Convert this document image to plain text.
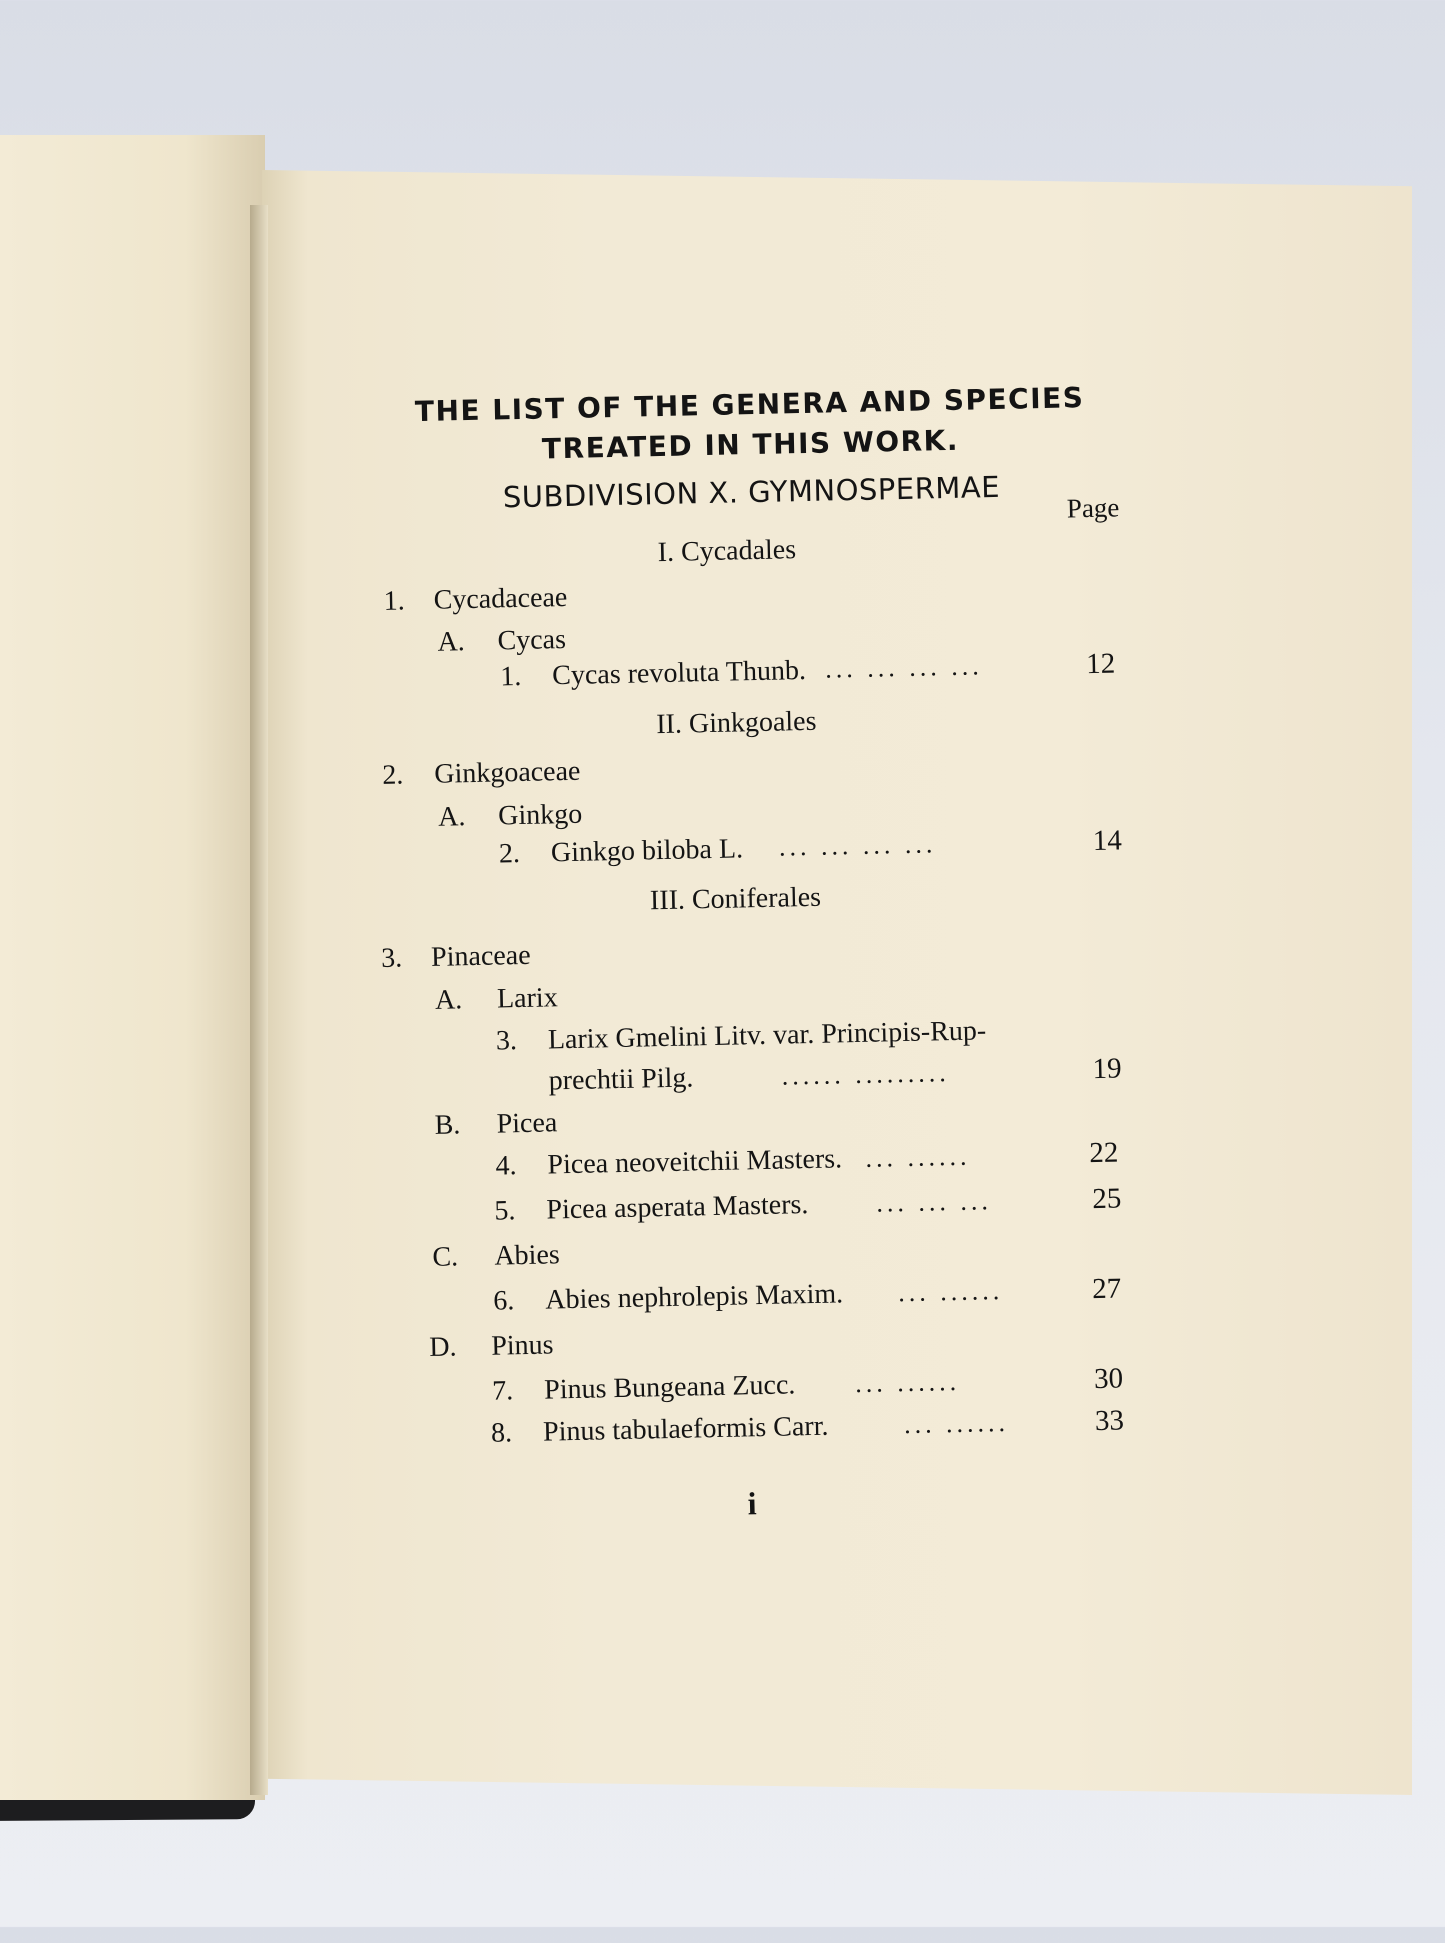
THE LIST OF THE GENERA AND SPECIES
TREATED IN THIS WORK.
SUBDIVISION X. GYMNOSPERMAE	Page
I. Cycadales
1. Cycadaceae
A. Cycas
1. Cycas revoluta Thunb. ... ... ... ...	12
II. Ginkgoales
2. Ginkgoaceae
A. Ginkgo
2. Ginkgo biloba L. ... ... ... ...	14
III. Coniferales
3. Pinaceae
A. Larix
3. Larix Gmelini Litv. var. Principis-Rup-
prechtii Pilg.	...... .........	19
B. Picea
4. Picea neoveitchii Masters. ... ......	22
5. Picea asperata Masters.	... ... ...	25
C. Abies
6. Abies nephrolepis Maxim. ... ......	27
D. Pinus
7. Pinus Bungeana Zucc. ... ......	30
8. Pinus tabulaeformis Carr.	... ......	33
i
